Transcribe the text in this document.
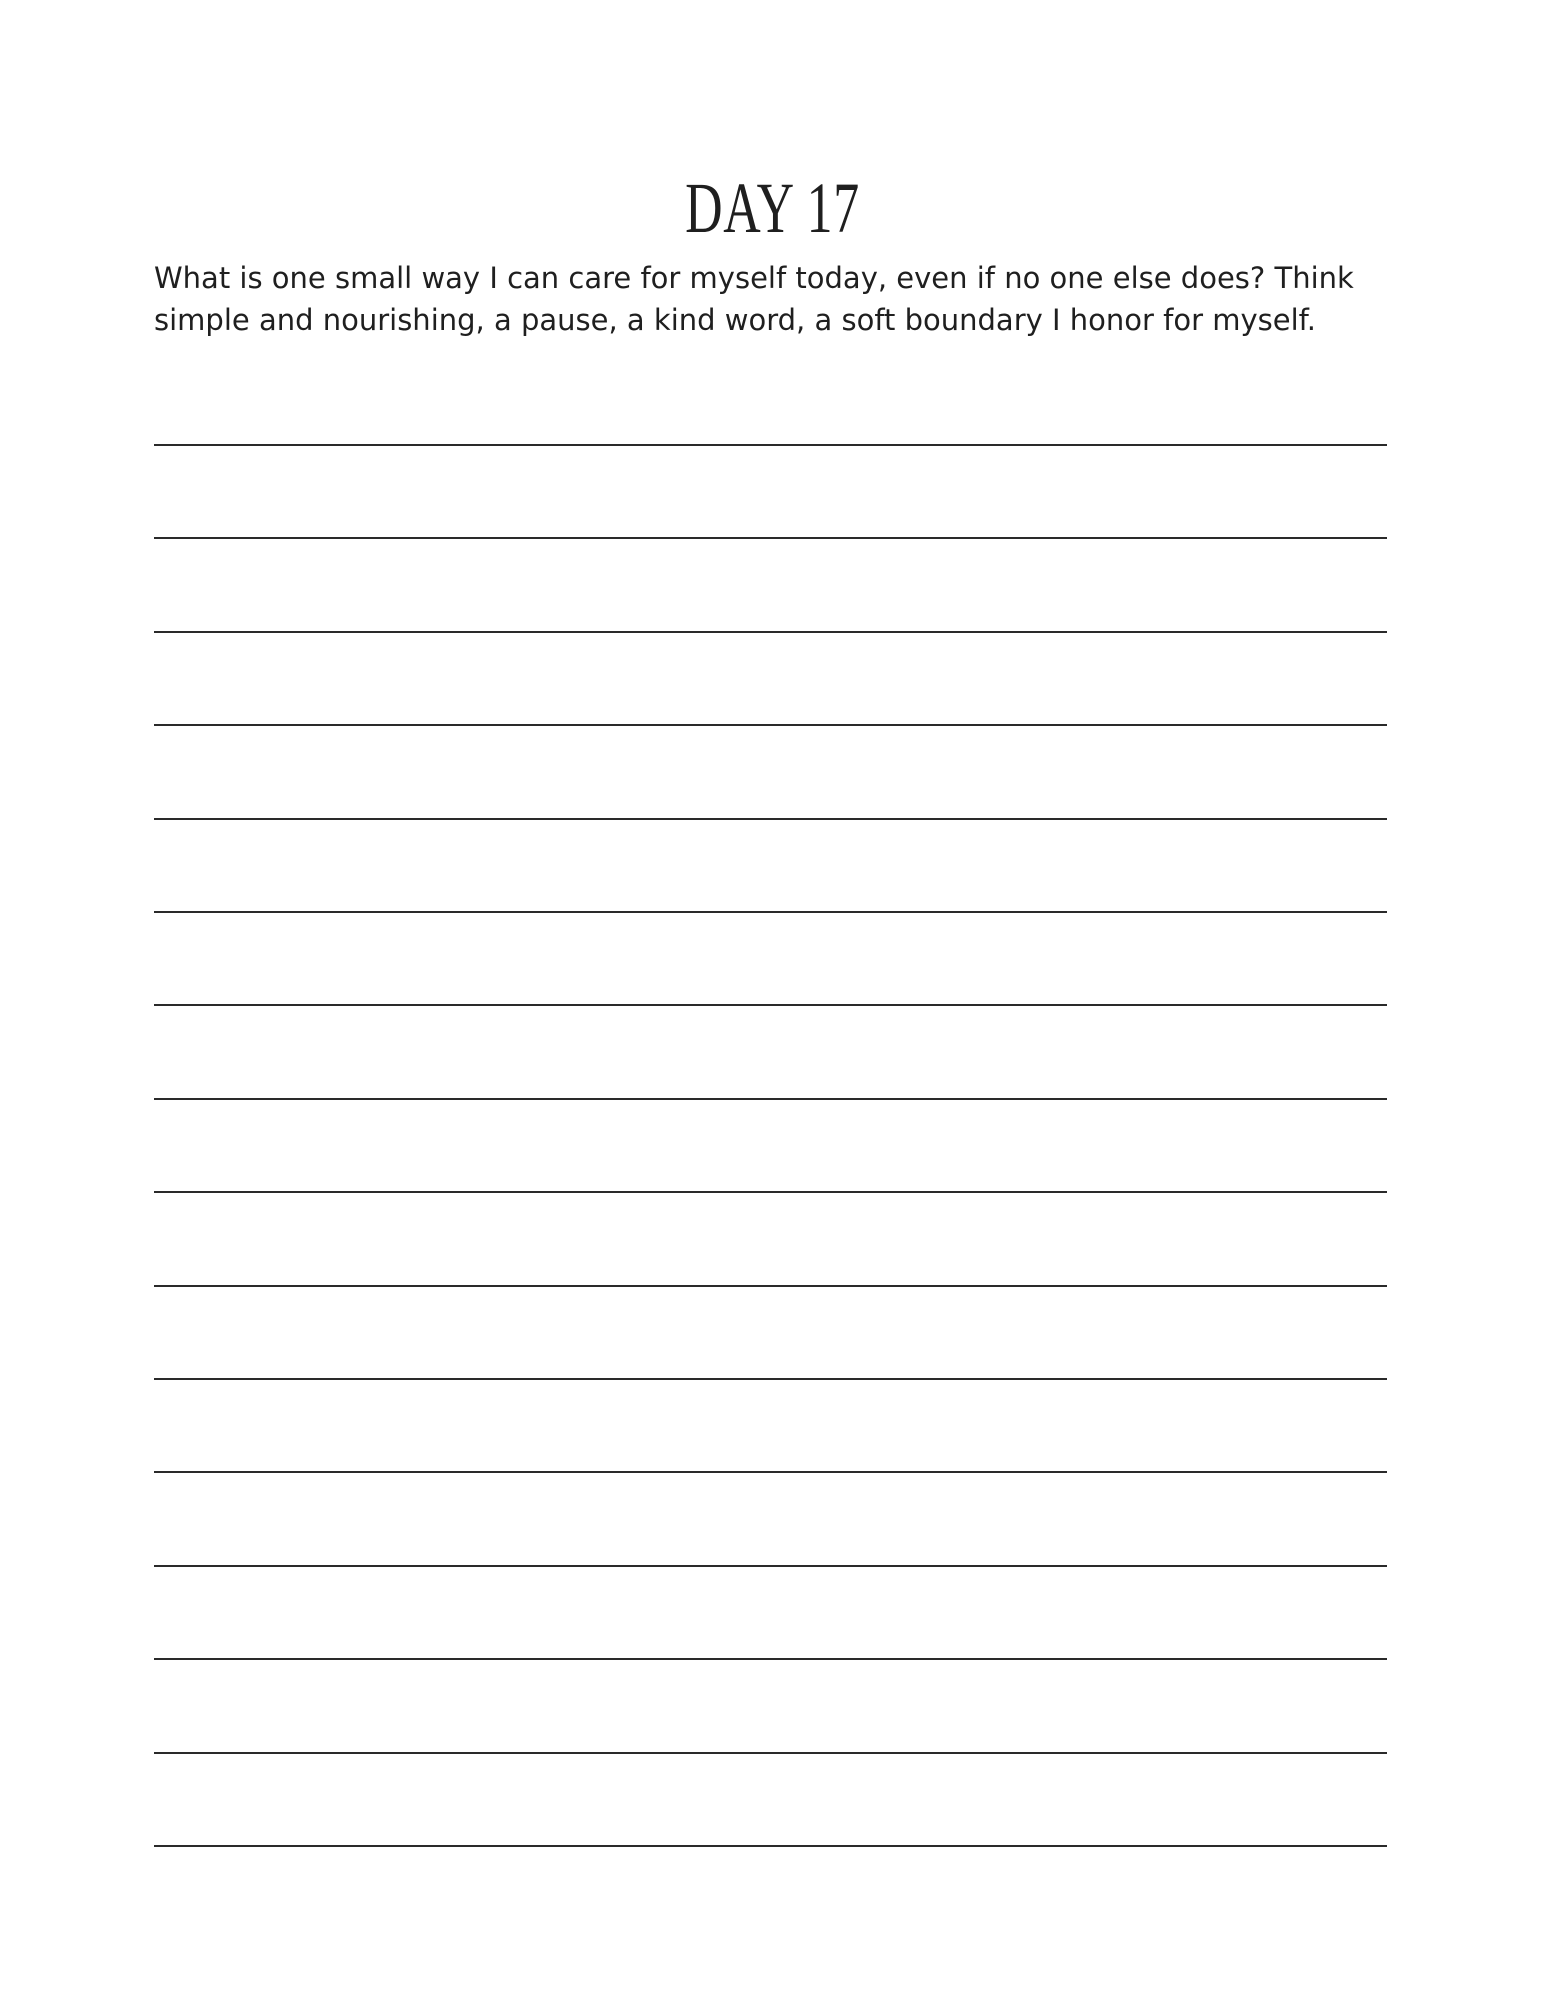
DAY 17

What is one small way I can care for myself today, even if no one else does? Think simple and nourishing, a pause, a kind word, a soft boundary I honor for myself.
